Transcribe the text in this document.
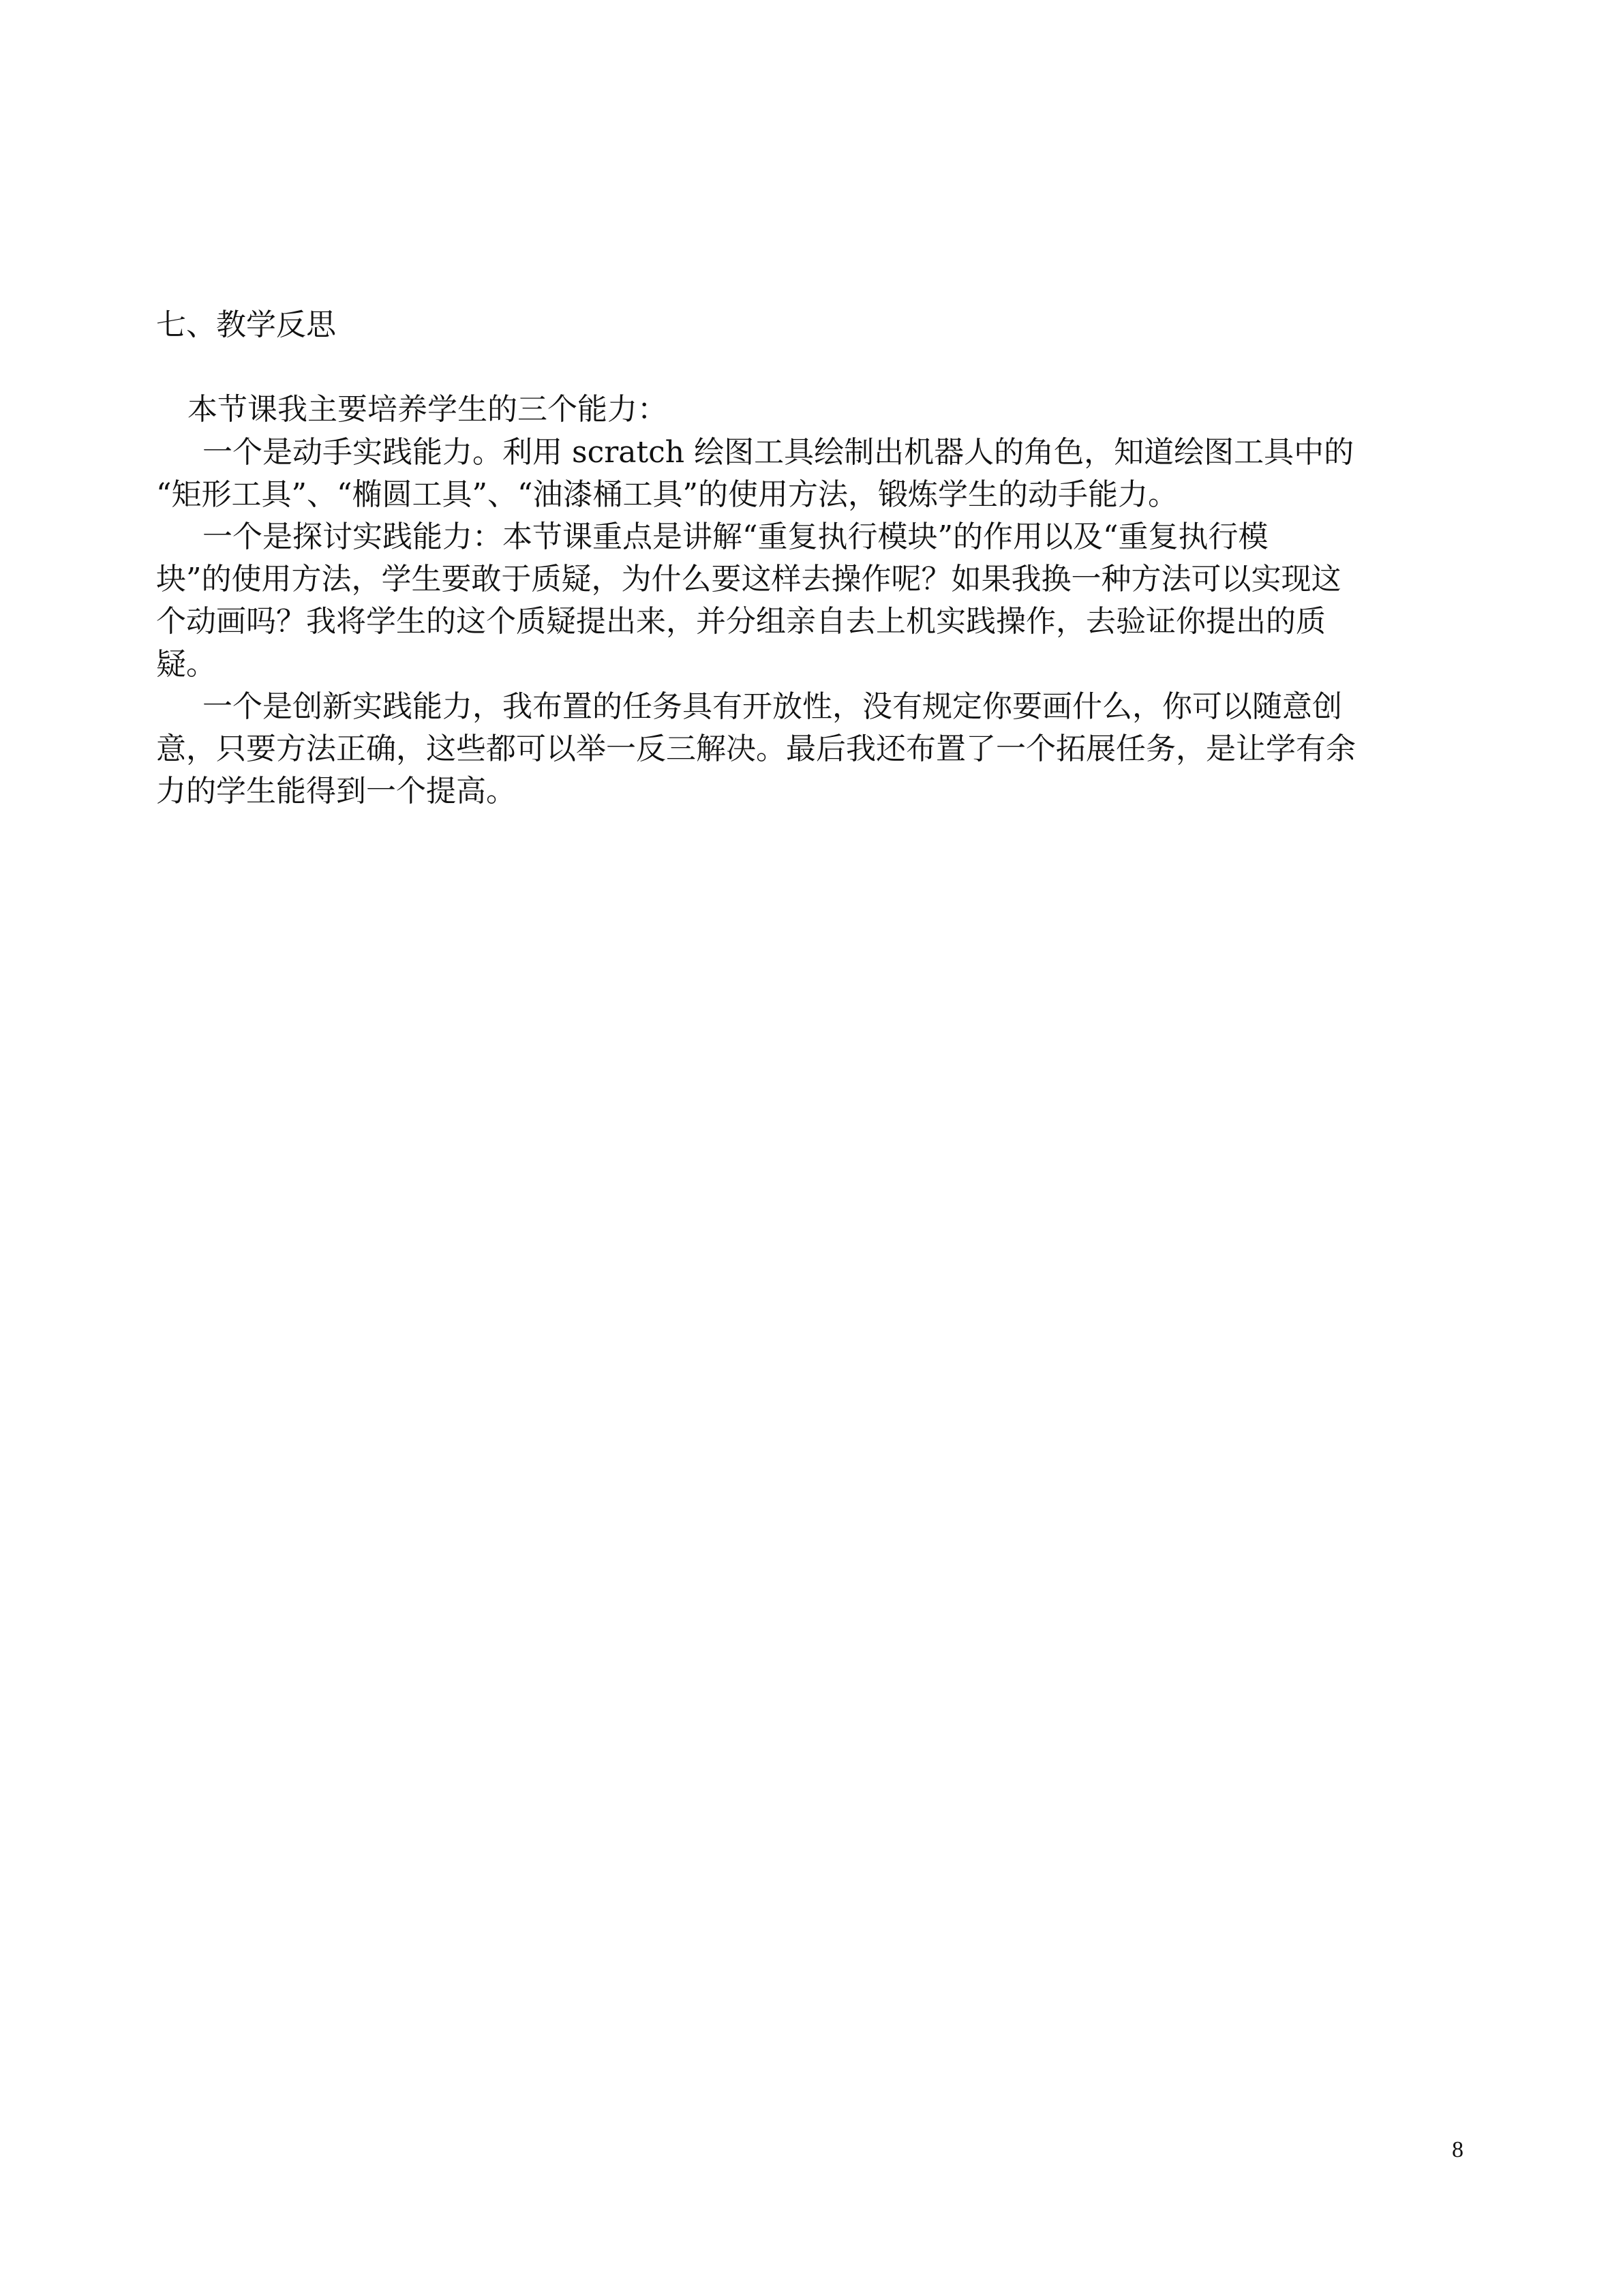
七、教学反思

本节课我主要培养学生的三个能力：

一个是动手实践能力。利用 scratch 绘图工具绘制出机器人的角色，知道绘图工具中的

“矩形工具”、“椭圆工具”、“油漆桶工具”的使用方法，锻炼学生的动手能力。

一个是探讨实践能力：本节课重点是讲解“重复执行模块”的作用以及“重复执行模

块”的使用方法，学生要敢于质疑，为什么要这样去操作呢？如果我换一种方法可以实现这

个动画吗？我将学生的这个质疑提出来，并分组亲自去上机实践操作，去验证你提出的质

疑。

一个是创新实践能力，我布置的任务具有开放性，没有规定你要画什么，你可以随意创

意，只要方法正确，这些都可以举一反三解决。最后我还布置了一个拓展任务，是让学有余

力的学生能得到一个提高。

8
